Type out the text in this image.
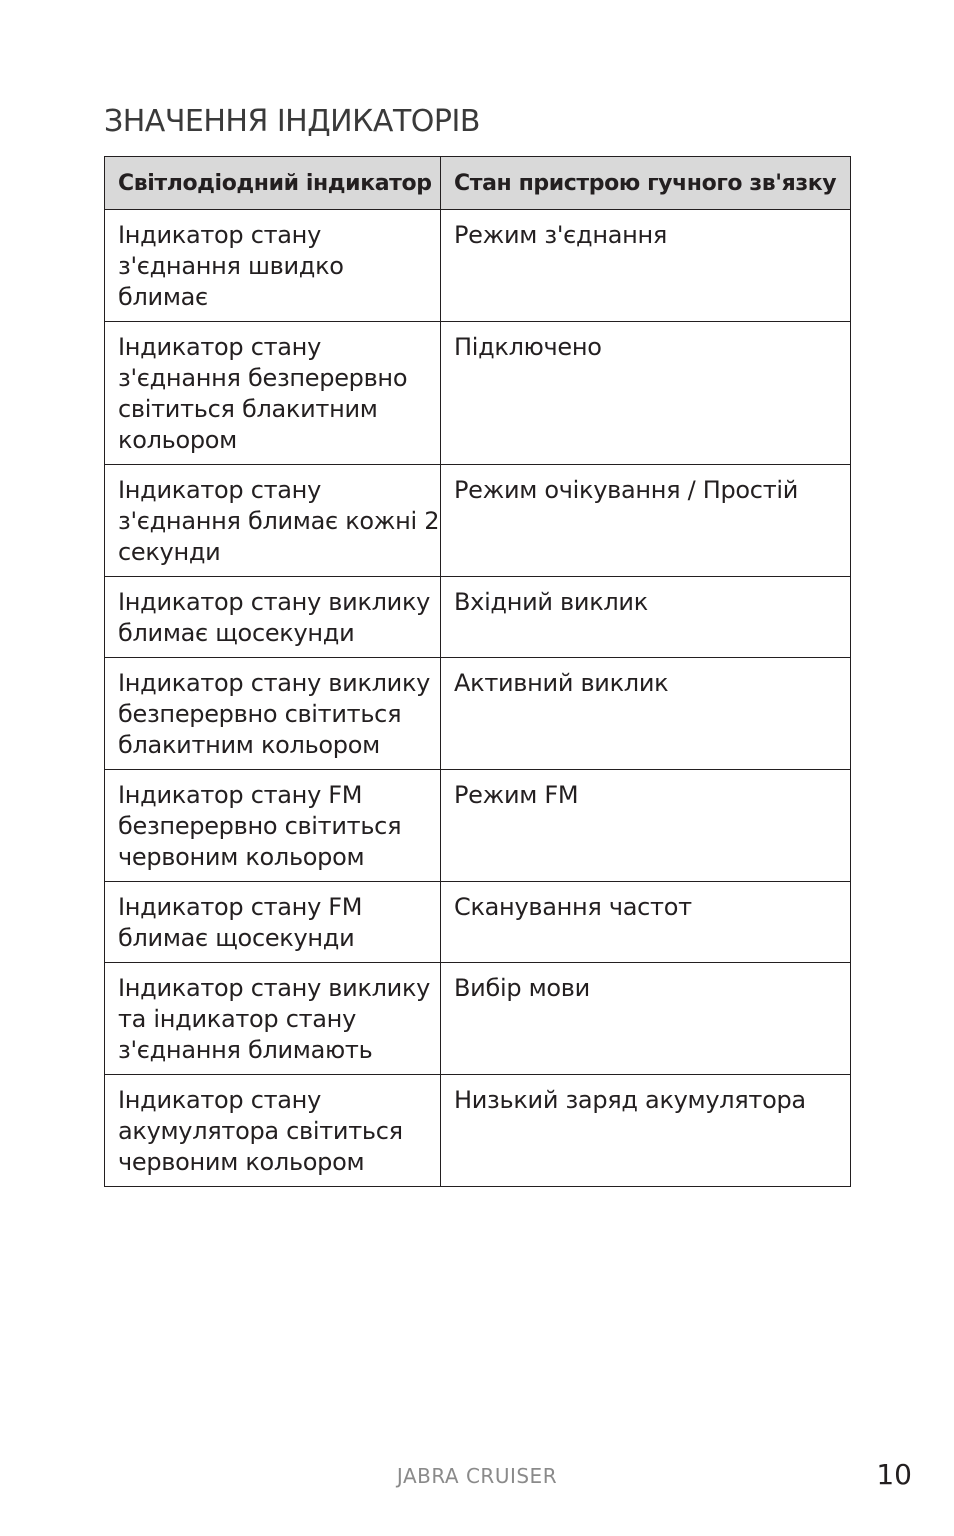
ЗНАЧЕННЯ ІНДИКАТОРІВ
Світлодіодний індикатор	Стан пристрою гучного зв'язку
Індикатор стану з'єднання швидко блимає	Режим з'єднання
Індикатор стану з'єднання безперервно світиться блакитним кольором	Підключено
Індикатор стану з'єднання блимає кожні 2 секунди	Режим очікування / Простій
Індикатор стану виклику блимає щосекунди	Вхідний виклик
Індикатор стану виклику безперервно світиться блакитним кольором	Активний виклик
Індикатор стану FM безперервно світиться червоним кольором	Режим FM
Індикатор стану FM блимає щосекунди	Сканування частот
Індикатор стану виклику та індикатор стану з'єднання блимають	Вибір мови
Індикатор стану акумулятора світиться червоним кольором	Низький заряд акумулятора
JABRA CRUISER	10
